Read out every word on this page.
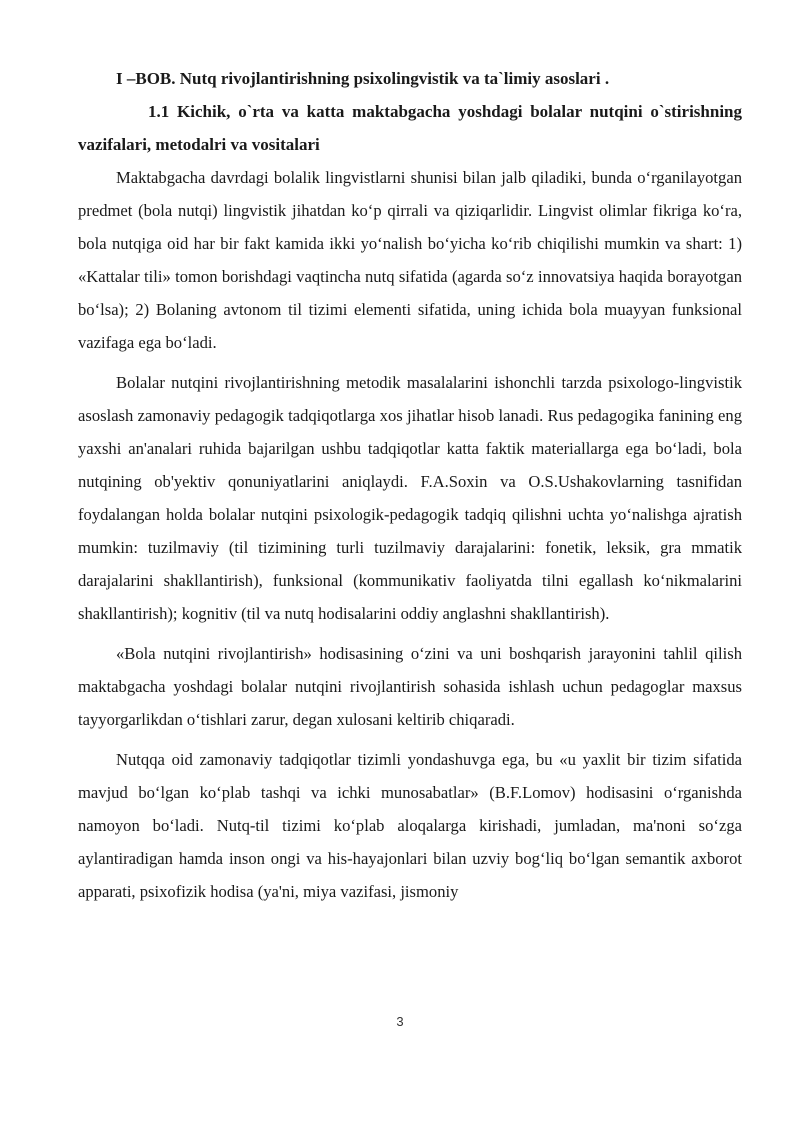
I –BOB. Nutq rivojlantirishning psixolingvistik va ta`limiy asoslari .

1.1 Kichik, o`rta va katta maktabgacha yoshdagi bolalar nutqini o`stirishning vazifalari, metodalri va vositalari

Maktabgacha davrdagi bolalik lingvistlarni shunisi bilan jalb qiladiki, bunda o‘rganilayotgan predmet (bola nutqi) lingvistik jihatdan ko‘p qirrali va qiziqarlidir. Lingvist olimlar fikriga ko‘ra, bola nutqiga oid har bir fakt kamida ikki yo‘nalish bo‘yicha ko‘rib chiqilishi mumkin va shart: 1) «Kattalar tili» tomon borishdagi vaqtincha nutq sifatida (agarda so‘z innovatsiya haqida borayotgan bo‘lsa); 2) Bolaning avtonom til tizimi elementi sifatida, uning ichida bola muayyan funksional vazifaga ega bo‘ladi.

Bolalar nutqini rivojlantirishning metodik masalalarini ishonchli tarzda psixologo-lingvistik asoslash zamonaviy pedagogik tadqiqotlarga xos jihatlar hisob lanadi. Rus pedagogika fanining eng yaxshi an'analari ruhida bajarilgan ushbu tadqiqotlar katta faktik materiallarga ega bo‘ladi, bola nutqining ob'yektiv qonuniyatlarini aniqlaydi. F.A.Soxin va O.S.Ushakovlarning tasnifidan foydalangan holda bolalar nutqini psixologik-pedagogik tadqiq qilishni uchta yo‘nalishga ajratish mumkin: tuzilmaviy (til tizimining turli tuzilmaviy darajalarini: fonetik, leksik, gra mmatik darajalarini shakllantirish), funksional (kommunikativ faoliyatda tilni egallash ko‘nikmalarini shakllantirish); kognitiv (til va nutq hodisalarini oddiy anglashni shakllantirish).

«Bola nutqini rivojlantirish» hodisasining o‘zini va uni boshqarish jarayonini tahlil qilish maktabgacha yoshdagi bolalar nutqini rivojlantirish sohasida ishlash uchun pedagoglar maxsus tayyorgarlikdan o‘tishlari zarur, degan xulosani keltirib chiqaradi.

Nutqqa oid zamonaviy tadqiqotlar tizimli yondashuvga ega, bu «u yaxlit bir tizim sifatida mavjud bo‘lgan ko‘plab tashqi va ichki munosabatlar» (B.F.Lomov) hodisasini o‘rganishda namoyon bo‘ladi. Nutq-til tizimi ko‘plab aloqalarga kirishadi, jumladan, ma'noni so‘zga aylantiradigan hamda inson ongi va his-hayajonlari bilan uzviy bog‘liq bo‘lgan semantik axborot apparati, psixofizik hodisa (ya'ni, miya vazifasi, jismoniy

3
